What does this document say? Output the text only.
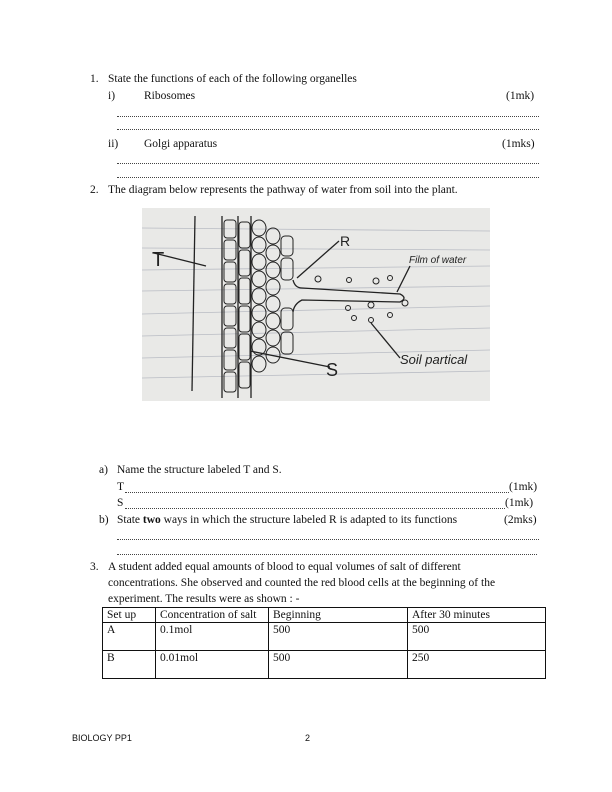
1. State the functions of each of the following organelles
i)	Ribosomes	(1mk)
ii) Golgi apparatus	(1mks)
2. The diagram below represents the pathway of water from soil into the plant.
T
R
S
Film of water
Soil partical
a) Name the structure labeled T and S.
T	(1mk)
S	(1mk)
b) State two ways in which the structure labeled R is adapted to its functions	(2mks)
3. A student added equal amounts of blood to equal volumes of salt of different
concentrations. She observed and counted the red blood cells at the beginning of the
experiment. The results were as shown : -
Set up	Concentration of salt	Beginning	After 30 minutes
A	0.1mol	500	500
B	0.01mol	500	250
BIOLOGY PP1	2
